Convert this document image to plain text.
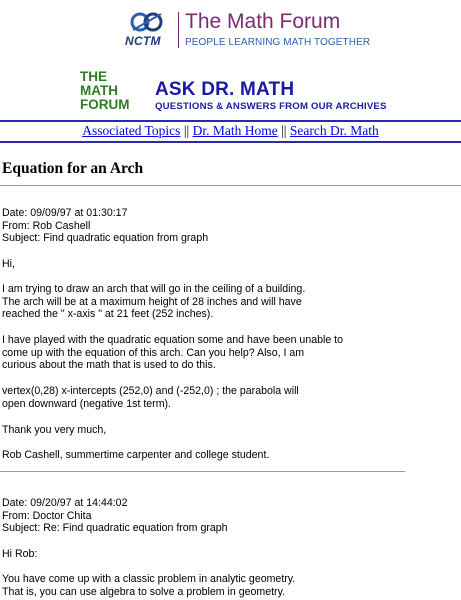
NCTM
The Math Forum
PEOPLE LEARNING MATH TOGETHER
THE
MATH
FORUM
ASK DR. MATH
QUESTIONS & ANSWERS FROM OUR ARCHIVES
Associated Topics || Dr. Math Home || Search Dr. Math
Equation for an Arch
Date: 09/09/97 at 01:30:17
From: Rob Cashell
Subject: Find quadratic equation from graph
Hi,
I am trying to draw an arch that will go in the ceiling of a building.
The arch will be at a maximum height of 28 inches and will have
reached the " x-axis " at 21 feet (252 inches).
I have played with the quadratic equation some and have been unable to
come up with the equation of this arch. Can you help? Also, I am
curious about the math that is used to do this.
vertex(0,28) x-intercepts (252,0) and (-252,0) ; the parabola will
open downward (negative 1st term).
Thank you very much,
Rob Cashell, summertime carpenter and college student.
Date: 09/20/97 at 14:44:02
From: Doctor Chita
Subject: Re: Find quadratic equation from graph
Hi Rob:
You have come up with a classic problem in analytic geometry.
That is, you can use algebra to solve a problem in geometry.
